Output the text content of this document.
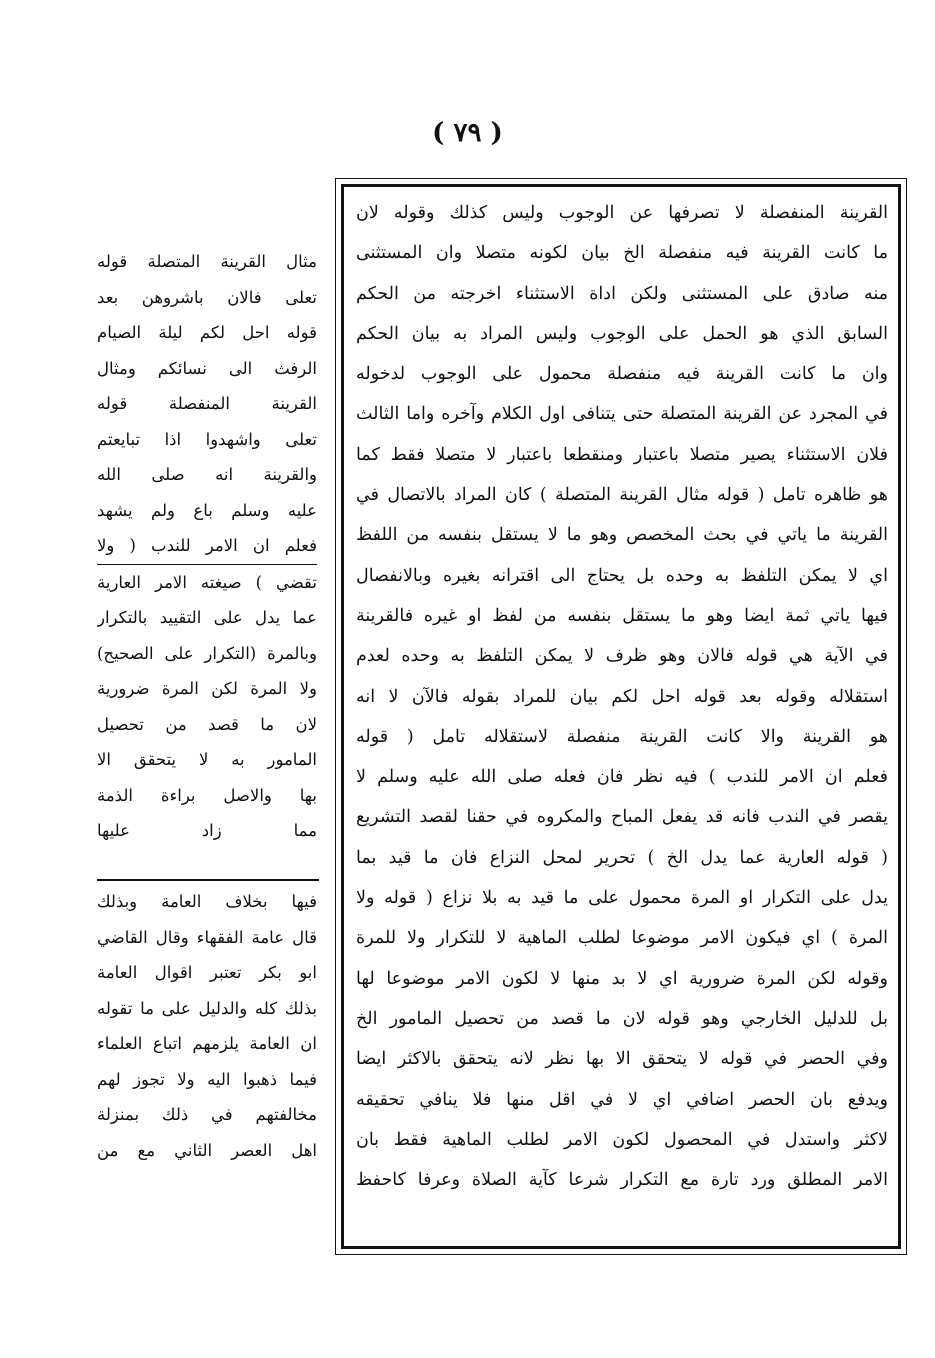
( ٧٩ )
القرينة المنفصلة لا تصرفها عن الوجوب وليس كذلك وقوله لان
ما كانت القرينة فيه منفصلة الخ بيان لكونه متصلا وان المستثنى
منه صادق على المستثنى ولكن اداة الاستثناء اخرجته من الحكم
السابق الذي هو الحمل على الوجوب وليس المراد به بيان الحكم
وان ما كانت القرينة فيه منفصلة محمول على الوجوب لدخوله
في المجرد عن القرينة المتصلة حتى يتنافى اول الكلام وآخره واما الثالث
فلان الاستثناء يصير متصلا باعتبار ومنقطعا باعتبار لا متصلا فقط كما
هو ظاهره تامل ( قوله مثال القرينة المتصلة ) كان المراد بالاتصال في
القرينة ما ياتي في بحث المخصص وهو ما لا يستقل بنفسه من اللفظ
اي لا يمكن التلفظ به وحده بل يحتاج الى اقترانه بغيره وبالانفصال
فيها ياتي ثمة ايضا وهو ما يستقل بنفسه من لفظ او غيره فالقرينة
في الآية هي قوله فالان وهو ظرف لا يمكن التلفظ به وحده لعدم
استقلاله وقوله بعد قوله احل لكم بيان للمراد بقوله فالآن لا انه
هو القرينة والا كانت القرينة منفصلة لاستقلاله تامل ( قوله
فعلم ان الامر للندب ) فيه نظر فان فعله صلى الله عليه وسلم لا
يقصر في الندب فانه قد يفعل المباح والمكروه في حقنا لقصد التشريع
( قوله العارية عما يدل الخ ) تحرير لمحل النزاع فان ما قيد بما
يدل على التكرار او المرة محمول على ما قيد به بلا نزاع ( قوله ولا
المرة ) اي فيكون الامر موضوعا لطلب الماهية لا للتكرار ولا للمرة
وقوله لكن المرة ضرورية اي لا بد منها لا لكون الامر موضوعا لها
بل للدليل الخارجي وهو قوله لان ما قصد من تحصيل المامور الخ
وفي الحصر في قوله لا يتحقق الا بها نظر لانه يتحقق بالاكثر ايضا
ويدفع بان الحصر اضافي اي لا في اقل منها فلا ينافي تحقيقه
لاكثر واستدل في المحصول لكون الامر لطلب الماهية فقط بان
الامر المطلق ورد تارة مع التكرار شرعا كآية الصلاة وعرفا كاحفظ
مثال القرينة المتصلة قوله
تعلى فالان باشروهن بعد
قوله احل لكم ليلة الصيام
الرفث الى نسائكم ومثال
القرينة المنفصلة قوله
تعلى واشهدوا اذا تبايعتم
والقرينة انه صلى الله
عليه وسلم باع ولم يشهد
فعلم ان الامر للندب ( ولا
تقضي ) صيغته الامر العارية
عما يدل على التقييد بالتكرار
وبالمرة (التكرار على الصحيح)
ولا المرة لكن المرة ضرورية
لان ما قصد من تحصيل
المامور به لا يتحقق الا
بها والاصل براءة الذمة
مما زاد عليها
فيها بخلاف العامة وبذلك
قال عامة الفقهاء وقال القاضي
ابو بكر تعتبر اقوال العامة
بذلك كله والدليل على ما تقوله
ان العامة يلزمهم اتباع العلماء
فيما ذهبوا اليه ولا تجوز لهم
مخالفتهم في ذلك بمنزلة
اهل العصر الثاني مع من
